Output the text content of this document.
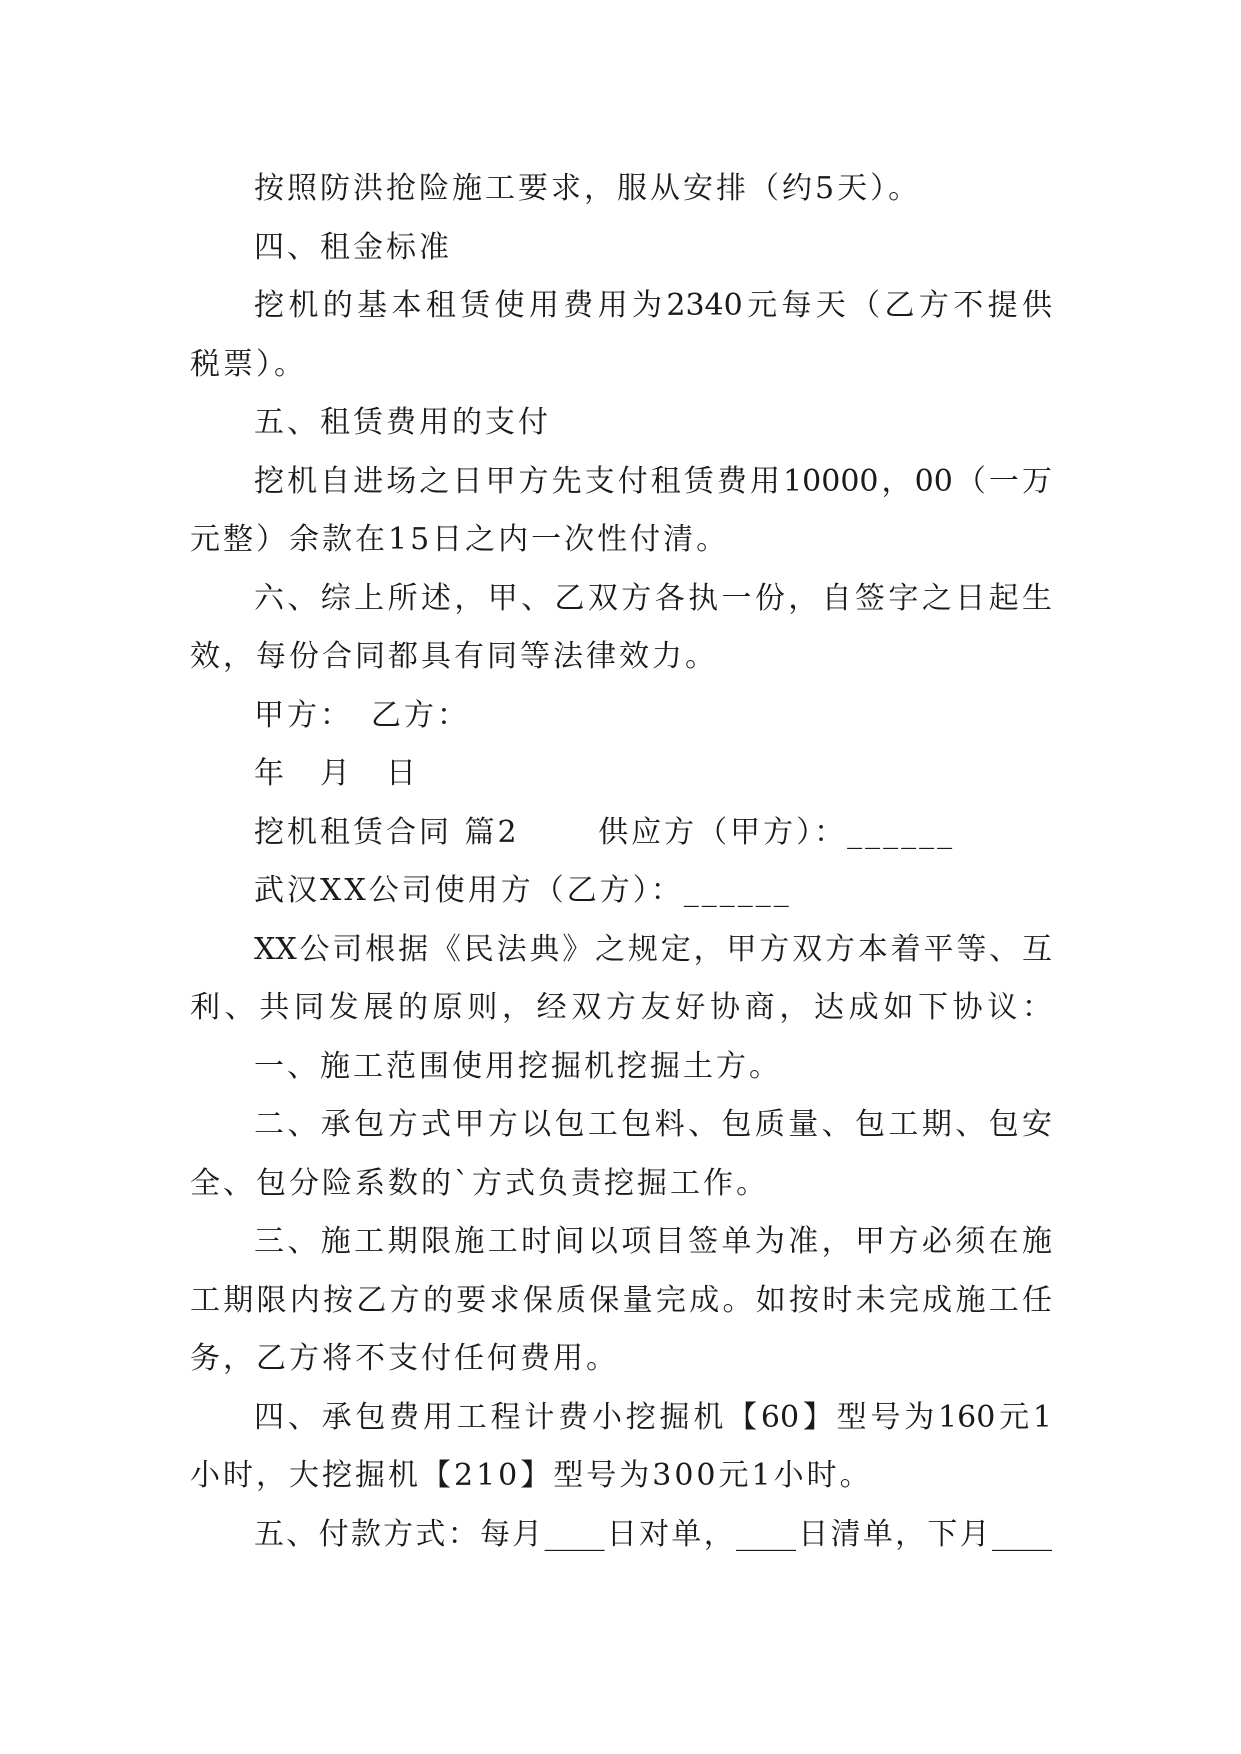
按照防洪抢险施工要求，服从安排（约5天）。
四、租金标准
挖机的基本租赁使用费用为2340元每天（乙方不提供
税票）。
五、租赁费用的支付
挖机自进场之日甲方先支付租赁费用10000，00（一万
元整）余款在15日之内一次性付清。
六、综上所述，甲、乙双方各执一份，自签字之日起生
效，每份合同都具有同等法律效力。
甲方：　乙方：
年　月　日
挖机租赁合同 篇2　　 供应方（甲方）：______
武汉XX公司使用方（乙方）：______
XX公司根据《民法典》之规定，甲方双方本着平等、互
利、共同发展的原则，经双方友好协商，达成如下协议：
一、施工范围使用挖掘机挖掘土方。
二、承包方式甲方以包工包料、包质量、包工期、包安
全、包分险系数的`方式负责挖掘工作。
三、施工期限施工时间以项目签单为准，甲方必须在施
工期限内按乙方的要求保质保量完成。如按时未完成施工任
务，乙方将不支付任何费用。
四、承包费用工程计费小挖掘机【60】型号为160元1
小时，大挖掘机【210】型号为300元1小时。
五、付款方式：每月____日对单，____日清单，下月____
